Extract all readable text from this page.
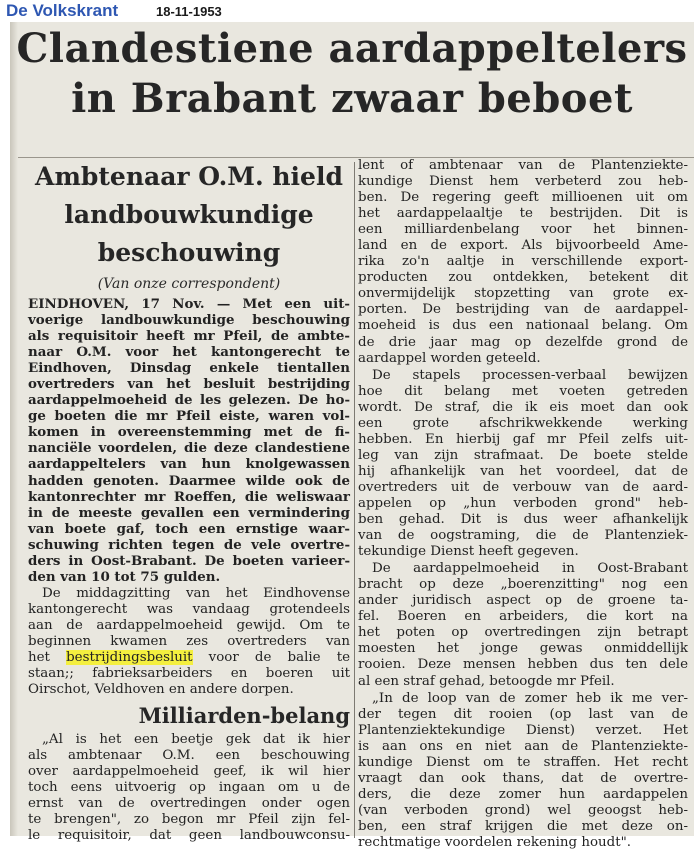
De Volkskrant	18-11-1953
Clandestiene aardappeltelers
in Brabant zwaar beboet
Ambtenaar O.M. hield
landbouwkundige
beschouwing

(Van onze correspondent)

EINDHOVEN, 17 Nov. — Met een uit-
voerige landbouwkundige beschouwing
als requisitoir heeft mr Pfeil, de ambte-
naar O.M. voor het kantongerecht te
Eindhoven, Dinsdag enkele tientallen
overtreders van het besluit bestrijding
aardappelmoeheid de les gelezen. De ho-
ge boeten die mr Pfeil eiste, waren vol-
komen in overeenstemming met de fi-
nanciële voordelen, die deze clandestiene
aardappeltelers van hun knolgewassen
hadden genoten. Daarmee wilde ook de
kantonrechter mr Roeffen, die weliswaar
in de meeste gevallen een vermindering
van boete gaf, toch een ernstige waar-
schuwing richten tegen de vele overtre-
ders in Oost-Brabant. De boeten varieer-
den van 10 tot 75 gulden.
De middagzitting van het Eindhovense
kantongerecht was vandaag grotendeels
aan de aardappelmoeheid gewijd. Om te
beginnen kwamen zes overtreders van
het bestrijdingsbesluit voor de balie te
staan;; fabrieksarbeiders en boeren uit
Oirschot, Veldhoven en andere dorpen.
Milliarden-belang
„Al is het een beetje gek dat ik hier
als ambtenaar O.M. een beschouwing
over aardappelmoeheid geef, ik wil hier
toch eens uitvoerig op ingaan om u de
ernst van de overtredingen onder ogen
te brengen", zo begon mr Pfeil zijn fel-
le requisitoir, dat geen landbouwconsu-
lent of ambtenaar van de Plantenziekte-
kundige Dienst hem verbeterd zou heb-
ben. De regering geeft millioenen uit om
het aardappelaaltje te bestrijden. Dit is
een milliardenbelang voor het binnen-
land en de export. Als bijvoorbeeld Ame-
rika zo'n aaltje in verschillende export-
producten zou ontdekken, betekent dit
onvermijdelijk stopzetting van grote ex-
porten. De bestrijding van de aardappel-
moeheid is dus een nationaal belang. Om
de drie jaar mag op dezelfde grond de
aardappel worden geteeld.
De stapels processen-verbaal bewijzen
hoe dit belang met voeten getreden
wordt. De straf, die ik eis moet dan ook
een grote afschrikwekkende werking
hebben. En hierbij gaf mr Pfeil zelfs uit-
leg van zijn strafmaat. De boete stelde
hij afhankelijk van het voordeel, dat de
overtreders uit de verbouw van de aard-
appelen op „hun verboden grond" heb-
ben gehad. Dit is dus weer afhankelijk
van de oogstraming, die de Plantenziek-
tekundige Dienst heeft gegeven.
De aardappelmoeheid in Oost-Brabant
bracht op deze „boerenzitting" nog een
ander juridisch aspect op de groene ta-
fel. Boeren en arbeiders, die kort na
het poten op overtredingen zijn betrapt
moesten het jonge gewas onmiddellijk
rooien. Deze mensen hebben dus ten dele
al een straf gehad, betoogde mr Pfeil.
„In de loop van de zomer heb ik me ver-
der tegen dit rooien (op last van de
Plantenziektekundige Dienst) verzet. Het
is aan ons en niet aan de Plantenziekte-
kundige Dienst om te straffen. Het recht
vraagt dan ook thans, dat de overtre-
ders, die deze zomer hun aardappelen
(van verboden grond) wel geoogst heb-
ben, een straf krijgen die met deze on-
rechtmatige voordelen rekening houdt".
